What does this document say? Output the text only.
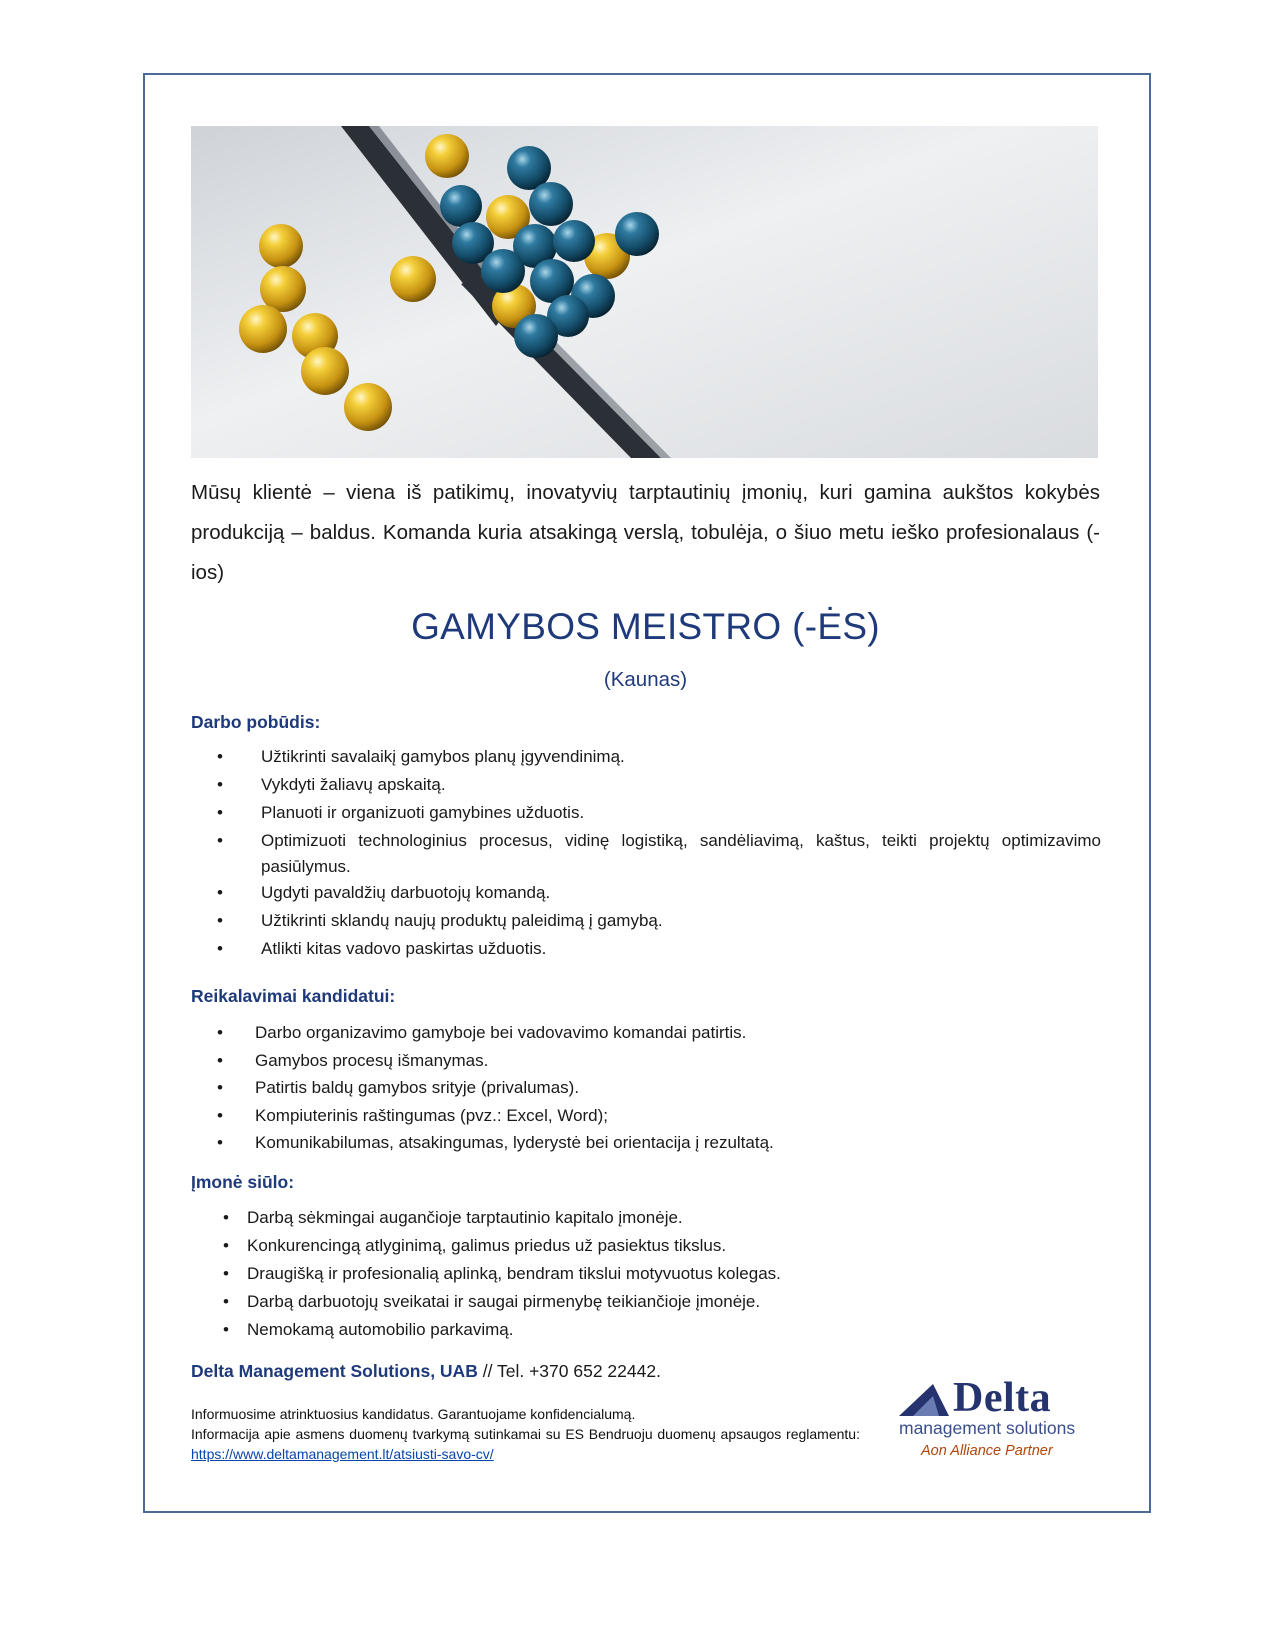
Mūsų klientė – viena iš patikimų, inovatyvių tarptautinių įmonių, kuri gamina aukštos kokybės produkciją – baldus. Komanda kuria atsakingą verslą, tobulėja, o šiuo metu ieško profesionalaus (-ios)

GAMYBOS MEISTRO (-ĖS)
(Kaunas)
Darbo pobūdis:
• Užtikrinti savalaikį gamybos planų įgyvendinimą.
• Vykdyti žaliavų apskaitą.
• Planuoti ir organizuoti gamybines užduotis.
• Optimizuoti technologinius procesus, vidinę logistiką, sandėliavimą, kaštus, teikti projektų optimizavimo pasiūlymus.
• Ugdyti pavaldžių darbuotojų komandą.
• Užtikrinti sklandų naujų produktų paleidimą į gamybą.
• Atlikti kitas vadovo paskirtas užduotis.
Reikalavimai kandidatui:
• Darbo organizavimo gamyboje bei vadovavimo komandai patirtis.
• Gamybos procesų išmanymas.
• Patirtis baldų gamybos srityje (privalumas).
• Kompiuterinis raštingumas (pvz.: Excel, Word);
• Komunikabilumas, atsakingumas, lyderystė bei orientacija į rezultatą.
Įmonė siūlo:
• Darbą sėkmingai augančioje tarptautinio kapitalo įmonėje.
• Konkurencingą atlyginimą, galimus priedus už pasiektus tikslus.
• Draugišką ir profesionalią aplinką, bendram tikslui motyvuotus kolegas.
• Darbą darbuotojų sveikatai ir saugai pirmenybę teikiančioje įmonėje.
• Nemokamą automobilio parkavimą.
Delta Management Solutions, UAB // Tel. +370 652 22442.

Informuosime atrinktuosius kandidatus. Garantuojame konfidencialumą.
Informacija apie asmens duomenų tvarkymą sutinkamai su ES Bendruoju duomenų apsaugos reglamentu: https://www.deltamanagement.lt/atsiusti-savo-cv/

Delta
management solutions
Aon Alliance Partner
